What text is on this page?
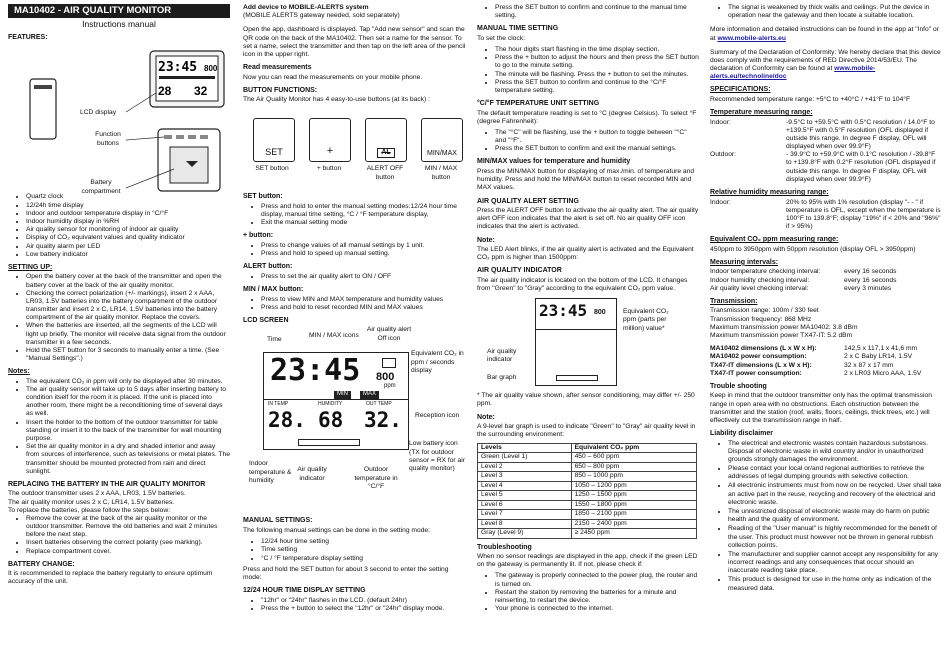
MA10402 - AIR QUALITY MONITOR
Instructions manual
FEATURES:
23:45 800
28 32
LCD display
Function buttons
Battery compartment
• Quartz clock
• 12/24h time display
• Indoor and outdoor temperature display in °C/°F
• Indoor humidity display in %RH
• Air quality sensor for monitoring of indoor air quality
• Display of CO₂ equivalent values and quality indicator
• Air quality alarm per LED
• Low battery indicator
SETTING UP:
• Open the battery cover at the back of the transmitter and open the battery cover at the back of the air quality monitor.
• Checking the correct polarization (+/- markings), insert 2 x AAA, LR03, 1.5V batteries into the battery compartment of the outdoor transmitter and insert 2 x C, LR14, 1.5V batteries into the battery compartment of the air quality monitor. Replace the covers.
• When the batteries are inserted, all the segments of the LCD will light up briefly. The monitor will receive data signal from the outdoor transmitter in a few seconds.
• Hold the SET button for 3 seconds to manually enter a time. (See "Manual Settings".)
Notes:
• The equivalent CO₂ in ppm will only be displayed after 30 minutes.
• The air quality sensor will take up to 5 days after inserting battery to condition itself for the room it is placed. If the unit is placed into another room, there might be a reconditioning time of several days as well.
• Insert the holder to the bottom of the outdoor transmitter for table standing or insert it to the back of the transmitter for wall mounting purpose.
• Set the air quality monitor in a dry and shaded interior and away from sources of interference, such as televisions or metal plates. The transmitter should be mounted protected from rain and direct sunlight.
REPLACING THE BATTERY IN THE AIR QUALITY MONITOR
The outdoor transmitter uses 2 x AAA, LR03, 1.5V batteries.
The air quality monitor uses 2 x C, LR14, 1.5V batteries.
To replace the batteries, please follow the steps below:
• Remove the cover at the back of the air quality monitor or the outdoor transmitter. Remove the old batteries and wait 2 minutes before the next step.
• Insert batteries observing the correct polarity (see marking).
• Replace compartment cover.
BATTERY CHANGE:

It is recommended to replace the battery regularly to ensure optimum accuracy of the unit.

Add device to MOBILE-ALERTS system

(MOBILE ALERTS gateway needed, sold separately)

Open the app, dashboard is displayed. Tap "Add new sensor" and scan the QR code on the back of the MA10402. Then set a name for the sensor. To set a name, select the transmitter and then tap on the left area of the pencil icon in the upper right.

Read measurements

Now you can read the measurements on your mobile phone.

BUTTON FUNCTIONS:

The Air Quality Monitor has 4 easy-to-use buttons (at its back) :

SET	+	AL	MIN/MAX
SET button	+ button	ALERT OFF button
MIN / MAX button
SET button:
• Press and hold to enter the manual setting modes:12/24 hour time display, manual time setting, °C / °F temperature display,
• Exit the manual setting mode
+ button:
• Press to change values of all manual settings by 1 unit.
• Press and hold to speed up manual setting.
ALERT button:
• Press to set the air quality alert to ON / OFF
MIN / MAX button:
• Press to view MIN and MAX temperature and humidity values
• Press and hold to reset recorded MIN and MAX values
LCD SCREEN
Time
MIN / MAX icons
Air quality alert Off icon
Equivalent CO₂ in ppm / seconds display
23:45 800
ppm
MIN	MAX
IN TEMP	HUMIDITY	OUT TEMP
28. 68 32. Reception icon
Low battery icon (TX for outdoor sensor = RX for air quality monitor)
Indoor temperature & humidity
Air quality indicator
Outdoor temperature in °C/°F
MANUAL SETTINGS:

The following manual settings can be done in the setting mode:

• 12/24 hour time setting
• Time setting
• °C / °F temperature display setting

Press and hold the SET button for about 3 second to enter the setting mode:

12/24 HOUR TIME DISPLAY SETTING
• "12hr" or "24hr" flashes in the LCD. (default 24hr)
• Press the + button to select the "12hr" or "24hr" display mode.
• Press the SET button to confirm and continue to the manual time setting.
MANUAL TIME SETTING

To set the clock:

• The hour digits start flashing in the time display section.
• Press the + button to adjust the hours and then press the SET button to go to the minute setting.
• The minute will be flashing. Press the + button to set the minutes.
• Press the SET button to confirm and continue to the °C/°F temperature setting.
°C/°F TEMPERATURE UNIT SETTING

The default temperature reading is set to °C (degree Celsius). To select °F (degree Fahrenheit):

• The "°C" will be flashing, use the + button to toggle between "°C" and "°F".
• Press the SET button to confirm and exit the manual settings.
MIN/MAX values for temperature and humidity

Press the MIN/MAX button for displaying of max./min. of temperature and humidity. Press and hold the MIN/MAX button to reset recorded MIN and MAX values.

AIR QUALITY ALERT SETTING

Press the ALERT OFF button to activate the air quality alert. The air quality alert OFF icon indicates that the alert is set off. No air quality OFF icon indicates that the alert is activated.

Note:

The LED Alert blinks, if the air quality alert is activated and the Equivalent CO₂ ppm is higher than 1500ppm:

AIR QUALITY INDICATOR

The air quality indicator is located on the bottom of the LCD. It changes from "Green" to "Gray" according to the equivalent CO₂ ppm value.

23:45 800
Air quality indicator
Bar graph
Equivalent CO₂ ppm (parts per million) value*

* The air quality value shown, after sensor conditioning, may differ +/- 250 ppm.

Note:

A 9-level bar graph is used to indicate "Green" to "Gray" air quality level in the surrounding environment:

Levels	Equivalent CO₂ ppm
Green (Level 1)	450 – 600 ppm
Level 2	650 – 800 ppm
Level 3	850 – 1000 ppm
Level 4	1050 – 1200 ppm
Level 5	1250 – 1500 ppm
Level 6	1550 – 1800 ppm
Level 7	1850 – 2100 ppm
Level 8	2150 – 2400 ppm
Gray (Level 9)	≥ 2450 ppm
Troubleshooting

When no sensor readings are displayed in the app, check if the green LED on the gateway is permanently lit. If not, please check if:

• The gateway is properly connected to the power plug, the router and is turned on.
• Restart the station by removing the batteries for a minute and reinserting, to restart the device.
• Your phone is connected to the internet.
• The signal is weakened by thick walls and ceilings. Put the device in operation near the gateway and then locate a suitable location.

More information and detailed instructions can be found in the app at "Info" or at www.mobile-alerts.eu

Summary of the Declaration of Conformity: We hereby declare that this device does comply with the requirements of RED Directive 2014/53/EU. The declaration of Conformity can be found at www.mobile-alerts.eu/technoline/doc

SPECIFICATIONS:

Recommended temperature range: +5°C to +40°C / +41°F to 104°F

Temperature measuring range:
Indoor:	-9.5°C to +59.5°C with 0.5°C resolution / 14.0°F to +139.5°F with 0.5°F resolution (OFL displayed if outside this range. In degree F display, OFL will displayed when over 99.9°F)
Outdoor:	- 39.9°C to +59.9°C with 0.1°C resolution / -39.8°F to +139.8°F with 0.2°F resolution (OFL displayed if outside this range. In degree F display, OFL will displayed when over 99.9°F)
Relative humidity measuring range:
Indoor:	20% to 95% with 1% resolution (display "- - " if temperature is OFL, except when the temperature is 100°F to 139.8°F; display "19%" if < 20% and "96%" if > 95%)
Equivalent CO₂ ppm measuring range:

450ppm to 3950ppm with 50ppm resolution (display OFL > 3950ppm)

Measuring intervals:
Indoor temperature checking interval:	every 16 seconds
Indoor humidity checking interval:	every 16 seconds
Air quality level checking interval:	every 3 minutes
Transmission:
Transmission range: 100m / 330 feet
Transmission frequency: 868 MHz
Maximum transmission power MA10402: 3.8 dBm
Maximum transmission power TX47-IT: 5.2 dBm
MA10402 dimensions (L x W x H):	142,5 x 117,1 x 41,6 mm
MA10402 power consumption:	2 x C Baby LR14, 1.5V
TX47-IT dimensions (L x W x H):	32 x 87 x 17 mm
TX47-IT power consumption:	2 x LR03 Micro AAA, 1.5V
Trouble shooting

Keep in mind that the outdoor transmitter only has the optimal transmission range in open area with no obstructions. Each obstruction between the transmitter and the station (roof, walls, floors, ceilings, thick trees, etc.) will effectively cut the transmission range in half.

Liability disclaimer
• The electrical and electronic wastes contain hazardous substances. Disposal of electronic waste in wild country and/or in unauthorized grounds strongly damages the environment.
• Please contact your local or/and regional authorities to retrieve the addresses of legal dumping grounds with selective collection.
• All electronic instruments must from now on be recycled. User shall take an active part in the reuse, recycling and recovery of the electrical and electronic waste.
• The unrestricted disposal of electronic waste may do harm on public health and the quality of environment.
• Reading of the "User manual" is highly recommended for the benefit of the user. This product must however not be thrown in general rubbish collection points.
• The manufacturer and supplier cannot accept any responsibility for any incorrect readings and any consequences that occur should an inaccurate reading take place.
• This product is designed for use in the home only as indication of the measured data.
